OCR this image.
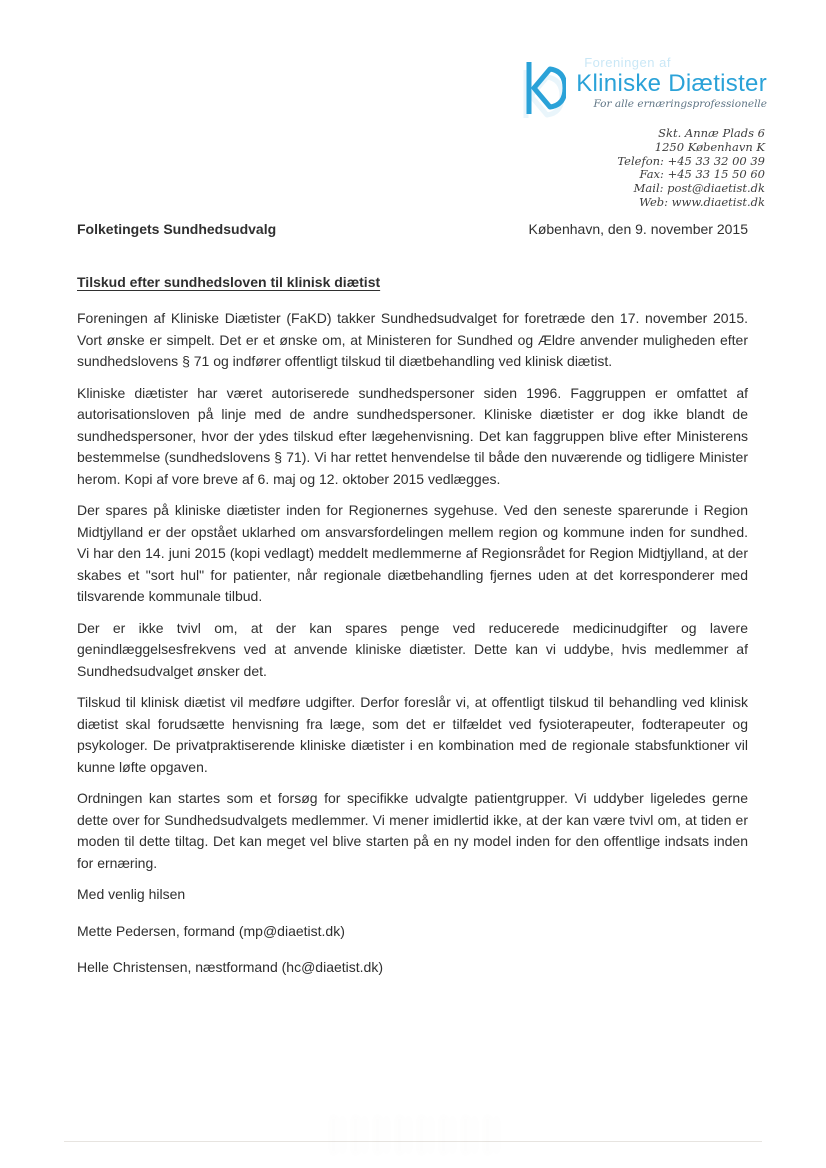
Foreningen af
Kliniske Diætister
For alle ernæringsprofessionelle
Skt. Annæ Plads 6
1250 København K
Telefon: +45 33 32 00 39
Fax: +45 33 15 50 60
Mail: post@diaetist.dk
Web: www.diaetist.dk
Folketingets Sundhedsudvalg	København, den 9. november 2015
Tilskud efter sundhedsloven til klinisk diætist

Foreningen af Kliniske Diætister (FaKD) takker Sundhedsudvalget for foretræde den 17. november 2015. Vort ønske er simpelt. Det er et ønske om, at Ministeren for Sundhed og Ældre anvender muligheden efter sundhedslovens § 71 og indfører offentligt tilskud til diætbehandling ved klinisk diætist.

Kliniske diætister har været autoriserede sundhedspersoner siden 1996. Faggruppen er omfattet af autorisationsloven på linje med de andre sundhedspersoner. Kliniske diætister er dog ikke blandt de sundhedspersoner, hvor der ydes tilskud efter lægehenvisning. Det kan faggruppen blive efter Ministerens bestemmelse (sundhedslovens § 71). Vi har rettet henvendelse til både den nuværende og tidligere Minister herom. Kopi af vore breve af 6. maj og 12. oktober 2015 vedlægges.

Der spares på kliniske diætister inden for Regionernes sygehuse. Ved den seneste sparerunde i Region Midtjylland er der opstået uklarhed om ansvarsfordelingen mellem region og kommune inden for sundhed. Vi har den 14. juni 2015 (kopi vedlagt) meddelt medlemmerne af Regionsrådet for Region Midtjylland, at der skabes et "sort hul" for patienter, når regionale diætbehandling fjernes uden at det korresponderer med tilsvarende kommunale tilbud.

Der er ikke tvivl om, at der kan spares penge ved reducerede medicinudgifter og lavere genindlæggelsesfrekvens ved at anvende kliniske diætister. Dette kan vi uddybe, hvis medlemmer af Sundhedsudvalget ønsker det.

Tilskud til klinisk diætist vil medføre udgifter. Derfor foreslår vi, at offentligt tilskud til behandling ved klinisk diætist skal forudsætte henvisning fra læge, som det er tilfældet ved fysioterapeuter, fodterapeuter og psykologer. De privatpraktiserende kliniske diætister i en kombination med de regionale stabsfunktioner vil kunne løfte opgaven.

Ordningen kan startes som et forsøg for specifikke udvalgte patientgrupper. Vi uddyber ligeledes gerne dette over for Sundhedsudvalgets medlemmer. Vi mener imidlertid ikke, at der kan være tvivl om, at tiden er moden til dette tiltag. Det kan meget vel blive starten på en ny model inden for den offentlige indsats inden for ernæring.

Med venlig hilsen

Mette Pedersen, formand (mp@diaetist.dk)

Helle Christensen, næstformand (hc@diaetist.dk)
